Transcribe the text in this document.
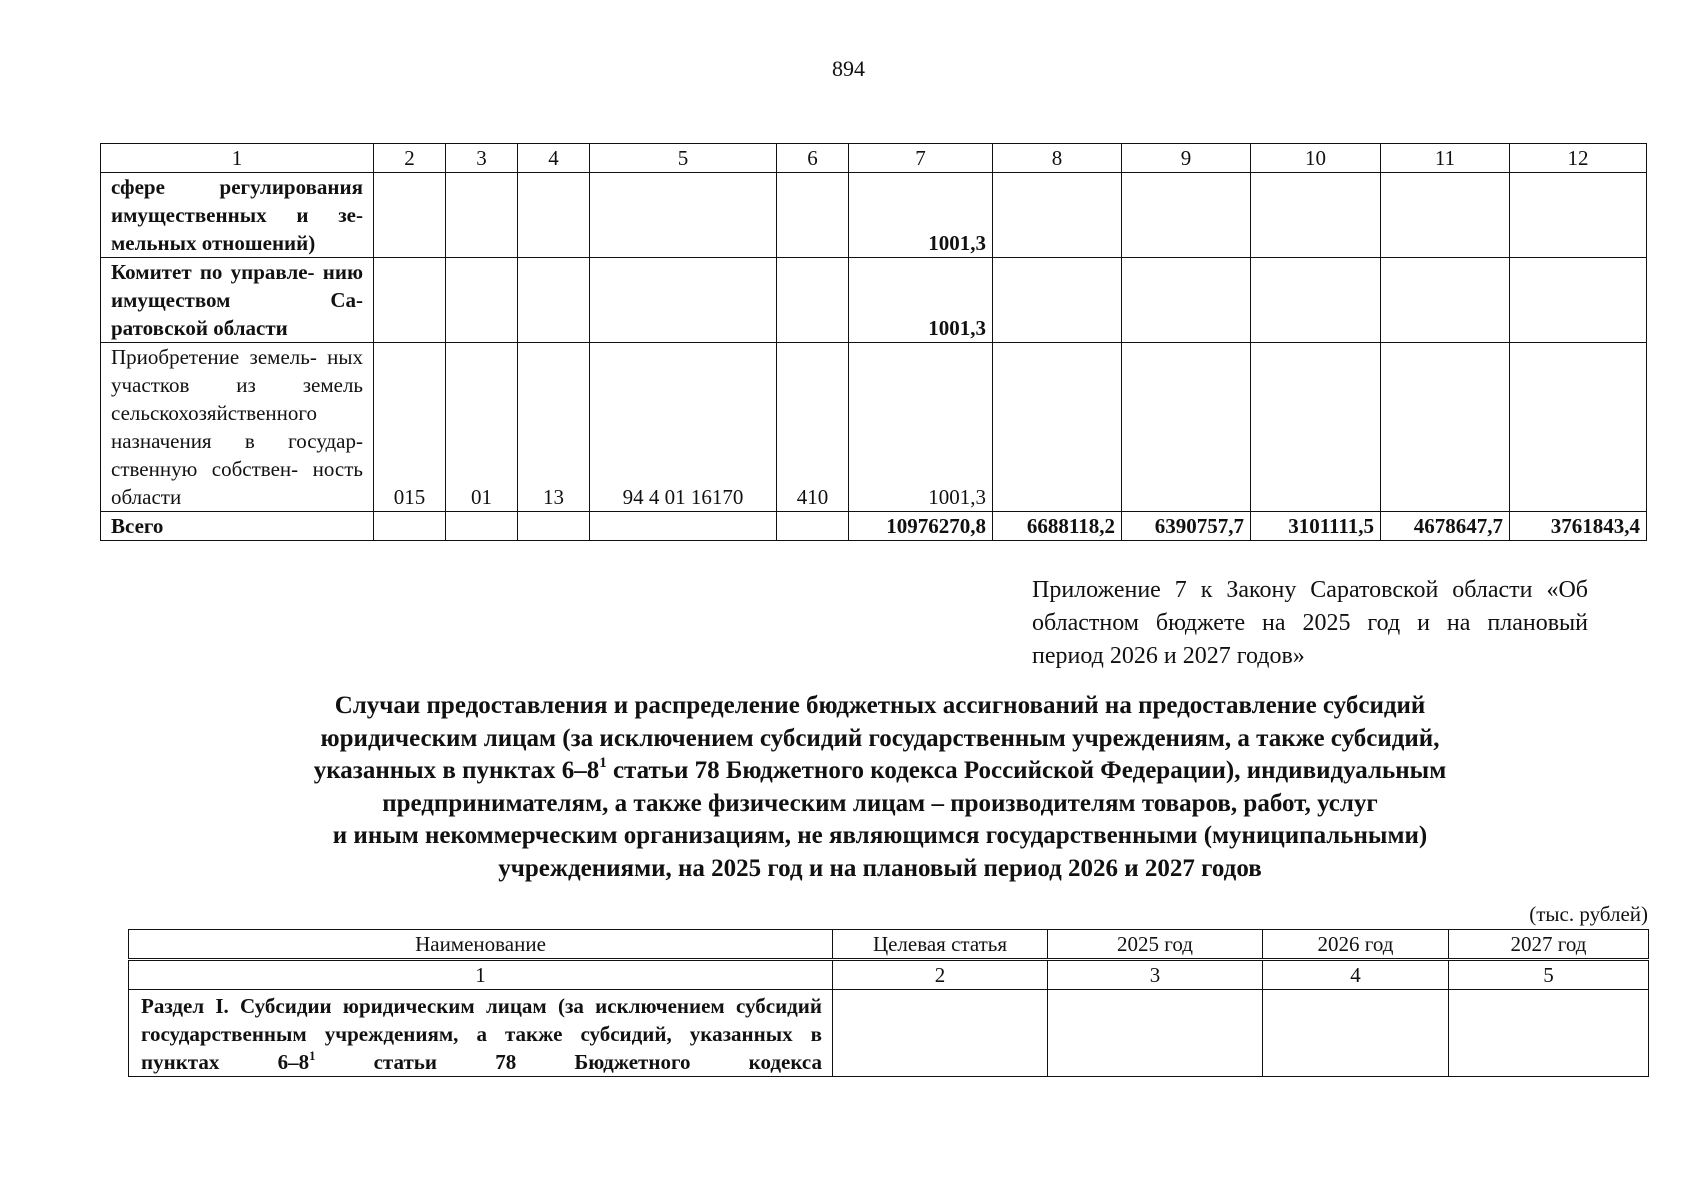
894
1	2	3	4	5	6	7	8	9	10	11	12
сфере регулирования имущественных и зе- мельных отношений)						1001,3					
Комитет по управле- нию имуществом Са- ратовской области						1001,3					
Приобретение земель- ных участков из земель сельскохозяйственного назначения в государ- ственную собствен- ность области	015	01	13	94 4 01 16170	410	1001,3					
Всего						10976270,8	6688118,2	6390757,7	3101111,5	4678647,7	3761843,4
Приложение 7 к Закону Саратовской области «Об областном бюджете на 2025 год и на плановый период 2026 и 2027 годов»
Случаи предоставления и распределение бюджетных ассигнований на предоставление субсидий
юридическим лицам (за исключением субсидий государственным учреждениям, а также субсидий,
указанных в пунктах $6-8^1$ статьи 78 Бюджетного кодекса Российской Федерации), индивидуальным
предпринимателям, а также физическим лицам – производителям товаров, работ, услуг
и иным некоммерческим организациям, не являющимся государственными (муниципальными)
учреждениями, на 2025 год и на плановый период 2026 и 2027 годов
(тыс. рублей)
Наименование	Целевая статья	2025 год	2026 год	2027 год
1	2	3	4	5
Раздел I. Субсидии юридическим лицам (за исключением субсидий государственным учреждениям, а также субсидий, указанных в пунктах $6-8^1$ статьи 78 Бюджетного кодекса				
